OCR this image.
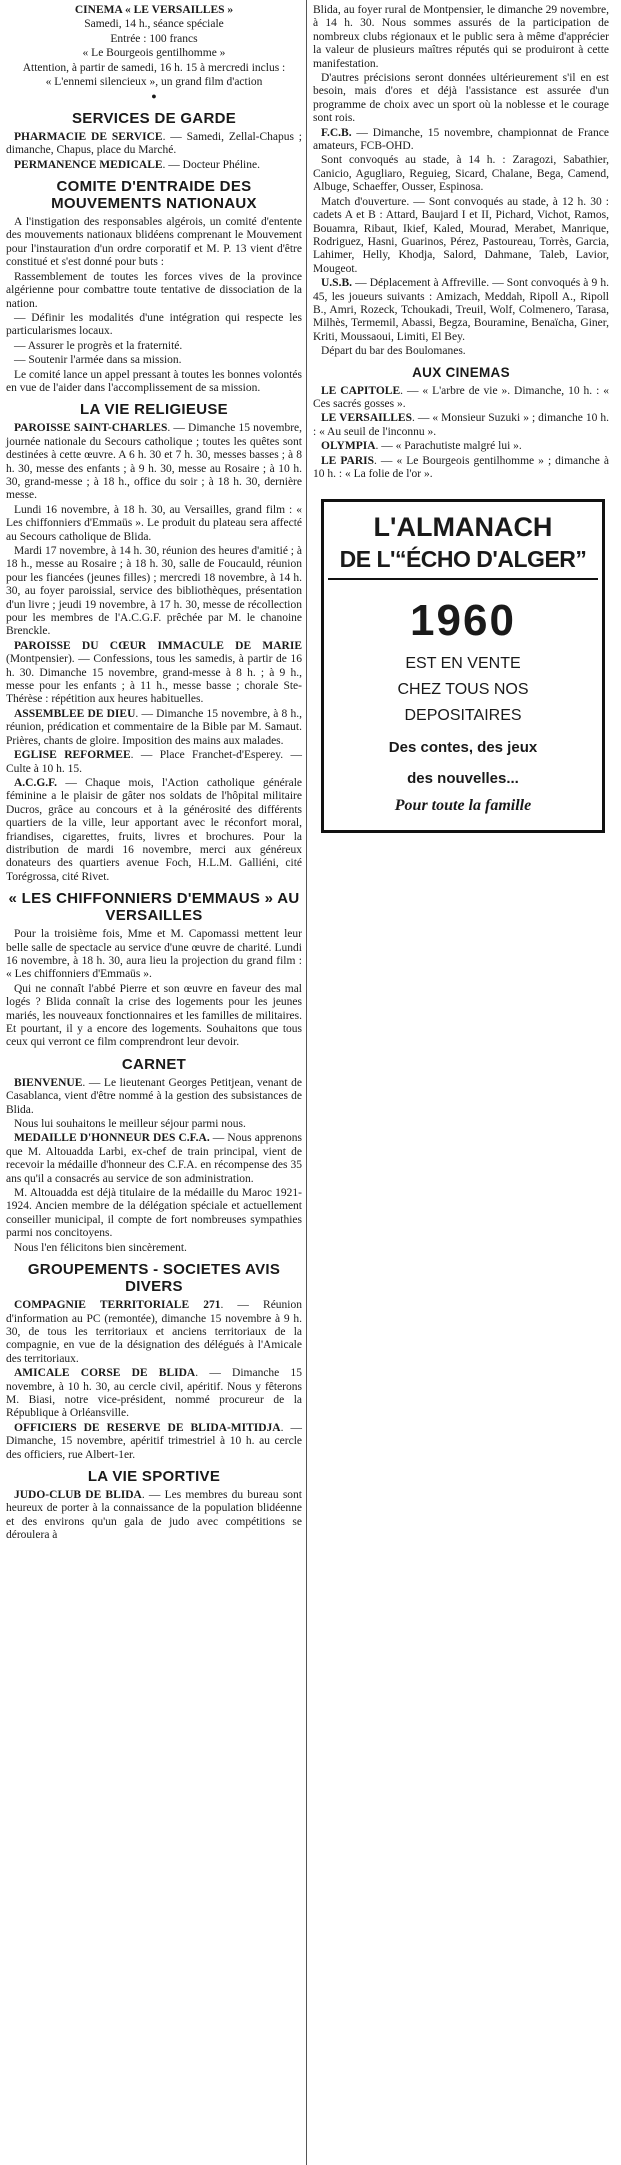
CINEMA « LE VERSAILLES »

Samedi, 14 h., séance spéciale

Entrée : 100 francs

« Le Bourgeois gentilhomme »

Attention, à partir de samedi, 16 h. 15 à mercredi inclus :

« L'ennemi silencieux », un grand film d'action

●
SERVICES DE GARDE

PHARMACIE DE SERVICE. — Samedi, Zellal-Chapus ; dimanche, Chapus, place du Marché.

PERMANENCE MEDICALE. — Docteur Phéline.

COMITE D'ENTRAIDE DES MOUVEMENTS NATIONAUX

A l'instigation des responsables algérois, un comité d'entente des mouvements nationaux blidéens comprenant le Mouvement pour l'instauration d'un ordre corporatif et M. P. 13 vient d'être constitué et s'est donné pour buts :

Rassemblement de toutes les forces vives de la province algérienne pour combattre toute tentative de dissociation de la nation.

— Définir les modalités d'une intégration qui respecte les particularismes locaux.

— Assurer le progrès et la fraternité.

— Soutenir l'armée dans sa mission.

Le comité lance un appel pressant à toutes les bonnes volontés en vue de l'aider dans l'accomplissement de sa mission.

LA VIE RELIGIEUSE

PAROISSE SAINT-CHARLES. — Dimanche 15 novembre, journée nationale du Secours catholique ; toutes les quêtes sont destinées à cette œuvre. A 6 h. 30 et 7 h. 30, messes basses ; à 8 h. 30, messe des enfants ; à 9 h. 30, messe au Rosaire ; à 10 h. 30, grand-messe ; à 18 h., office du soir ; à 18 h. 30, dernière messe.

Lundi 16 novembre, à 18 h. 30, au Versailles, grand film : « Les chiffonniers d'Emmaüs ». Le produit du plateau sera affecté au Secours catholique de Blida.

Mardi 17 novembre, à 14 h. 30, réunion des heures d'amitié ; à 18 h., messe au Rosaire ; à 18 h. 30, salle de Foucauld, réunion pour les fiancées (jeunes filles) ; mercredi 18 novembre, à 14 h. 30, au foyer paroissial, service des bibliothèques, présentation d'un livre ; jeudi 19 novembre, à 17 h. 30, messe de récollection pour les membres de l'A.C.G.F. prêchée par M. le chanoine Brenckle.

PAROISSE DU CŒUR IMMACULE DE MARIE (Montpensier). — Confessions, tous les samedis, à partir de 16 h. 30. Dimanche 15 novembre, grand-messe à 8 h. ; à 9 h., messe pour les enfants ; à 11 h., messe basse ; chorale Ste-Thérèse : répétition aux heures habituelles.

ASSEMBLEE DE DIEU. — Dimanche 15 novembre, à 8 h., réunion, prédication et commentaire de la Bible par M. Samaut. Prières, chants de gloire. Imposition des mains aux malades.

EGLISE REFORMEE. — Place Franchet-d'Esperey. — Culte à 10 h. 15.

A.C.G.F. — Chaque mois, l'Action catholique générale féminine a le plaisir de gâter nos soldats de l'hôpital militaire Ducros, grâce au concours et à la générosité des différents quartiers de la ville, leur apportant avec le réconfort moral, friandises, cigarettes, fruits, livres et brochures. Pour la distribution de mardi 16 novembre, merci aux généreux donateurs des quartiers avenue Foch, H.L.M. Galliéni, cité Torégrossa, cité Rivet.

« LES CHIFFONNIERS D'EMMAUS » AU VERSAILLES

Pour la troisième fois, Mme et M. Capomassi mettent leur belle salle de spectacle au service d'une œuvre de charité. Lundi 16 novembre, à 18 h. 30, aura lieu la projection du grand film : « Les chiffonniers d'Emmaüs ».

Qui ne connaît l'abbé Pierre et son œuvre en faveur des mal logés ? Blida connaît la crise des logements pour les jeunes mariés, les nouveaux fonctionnaires et les familles de militaires. Et pourtant, il y a encore des logements. Souhaitons que tous ceux qui verront ce film comprendront leur devoir.

CARNET

BIENVENUE. — Le lieutenant Georges Petitjean, venant de Casablanca, vient d'être nommé à la gestion des subsistances de Blida.

Nous lui souhaitons le meilleur séjour parmi nous.

MEDAILLE D'HONNEUR DES C.F.A. — Nous apprenons que M. Altouadda Larbi, ex-chef de train principal, vient de recevoir la médaille d'honneur des C.F.A. en récompense des 35 ans qu'il a consacrés au service de son administration.

M. Altouadda est déjà titulaire de la médaille du Maroc 1921-1924. Ancien membre de la délégation spéciale et actuellement conseiller municipal, il compte de fort nombreuses sympathies parmi nos concitoyens.

Nous l'en félicitons bien sincèrement.

GROUPEMENTS - SOCIETES AVIS DIVERS

COMPAGNIE TERRITORIALE 271. — Réunion d'information au PC (remontée), dimanche 15 novembre à 9 h. 30, de tous les territoriaux et anciens territoriaux de la compagnie, en vue de la désignation des délégués à l'Amicale des territoriaux.

AMICALE CORSE DE BLIDA. — Dimanche 15 novembre, à 10 h. 30, au cercle civil, apéritif. Nous y fêterons M. Biasi, notre vice-président, nommé procureur de la République à Orléansville.

OFFICIERS DE RESERVE DE BLIDA-MITIDJA. — Dimanche, 15 novembre, apéritif trimestriel à 10 h. au cercle des officiers, rue Albert-1er.

LA VIE SPORTIVE

JUDO-CLUB DE BLIDA. — Les membres du bureau sont heureux de porter à la connaissance de la population blidéenne et des environs qu'un gala de judo avec compétitions se déroulera à

Blida, au foyer rural de Montpensier, le dimanche 29 novembre, à 14 h. 30. Nous sommes assurés de la participation de nombreux clubs régionaux et le public sera à même d'apprécier la valeur de plusieurs maîtres réputés qui se produiront à cette manifestation.

D'autres précisions seront données ultérieurement s'il en est besoin, mais d'ores et déjà l'assistance est assurée d'un programme de choix avec un sport où la noblesse et le courage sont rois.

F.C.B. — Dimanche, 15 novembre, championnat de France amateurs, FCB-OHD.

Sont convoqués au stade, à 14 h. : Zaragozi, Sabathier, Canicio, Agugliaro, Reguieg, Sicard, Chalane, Bega, Camend, Albuge, Schaeffer, Ousser, Espinosa.

Match d'ouverture. — Sont convoqués au stade, à 12 h. 30 : cadets A et B : Attard, Baujard I et II, Pichard, Vichot, Ramos, Bouamra, Ribaut, Ikief, Kaled, Mourad, Merabet, Manrique, Rodriguez, Hasni, Guarinos, Pérez, Pastoureau, Torrès, Garcia, Lahimer, Helly, Khodja, Salord, Dahmane, Taleb, Lavior, Mougeot.

U.S.B. — Déplacement à Affreville. — Sont convoqués à 9 h. 45, les joueurs suivants : Amizach, Meddah, Ripoll A., Ripoll B., Amri, Rozeck, Tchoukadi, Treuil, Wolf, Colmenero, Tarasa, Milhès, Termemil, Abassi, Begza, Bouramine, Benaïcha, Giner, Kriti, Moussaoui, Limiti, El Bey.

Départ du bar des Boulomanes.

AUX CINEMAS

LE CAPITOLE. — « L'arbre de vie ». Dimanche, 10 h. : « Ces sacrés gosses ».

LE VERSAILLES. — « Monsieur Suzuki » ; dimanche 10 h. : « Au seuil de l'inconnu ».

OLYMPIA. — « Parachutiste malgré lui ».

LE PARIS. — « Le Bourgeois gentilhomme » ; dimanche à 10 h. : « La folie de l'or ».

L'ALMANACH
DE L'“ÉCHO D'ALGER”
1960
EST EN VENTE
CHEZ TOUS NOS
DEPOSITAIRES
Des contes, des jeux
des nouvelles...
Pour toute la famille
